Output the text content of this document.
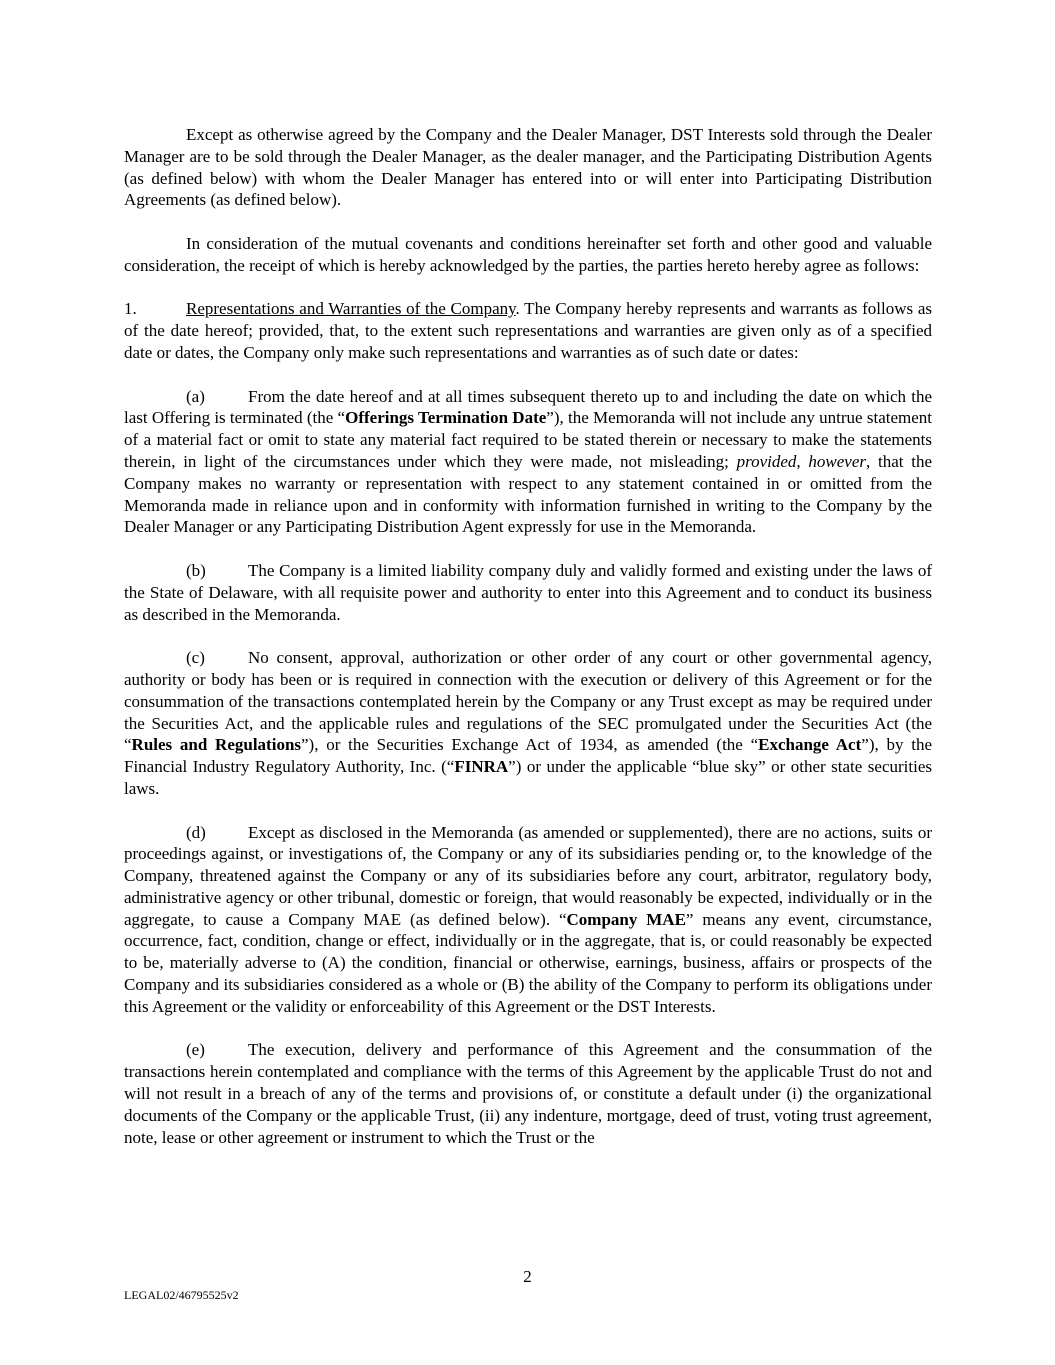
Except as otherwise agreed by the Company and the Dealer Manager, DST Interests sold through the Dealer Manager are to be sold through the Dealer Manager, as the dealer manager, and the Participating Distribution Agents (as defined below) with whom the Dealer Manager has entered into or will enter into Participating Distribution Agreements (as defined below).

In consideration of the mutual covenants and conditions hereinafter set forth and other good and valuable consideration, the receipt of which is hereby acknowledged by the parties, the parties hereto hereby agree as follows:

1.	Representations and Warranties of the Company. The Company hereby represents and warrants as follows as of the date hereof; provided, that, to the extent such representations and warranties are given only as of a specified date or dates, the Company only make such representations and warranties as of such date or dates:

(a)	From the date hereof and at all times subsequent thereto up to and including the date on which the last Offering is terminated (the “Offerings Termination Date”), the Memoranda will not include any untrue statement of a material fact or omit to state any material fact required to be stated therein or necessary to make the statements therein, in light of the circumstances under which they were made, not misleading; provided, however, that the Company makes no warranty or representation with respect to any statement contained in or omitted from the Memoranda made in reliance upon and in conformity with information furnished in writing to the Company by the Dealer Manager or any Participating Distribution Agent expressly for use in the Memoranda.

(b) The Company is a limited liability company duly and validly formed and existing under the laws of the State of Delaware, with all requisite power and authority to enter into this Agreement and to conduct its business as described in the Memoranda.

(c)	No consent, approval, authorization or other order of any court or other governmental agency, authority or body has been or is required in connection with the execution or delivery of this Agreement or for the consummation of the transactions contemplated herein by the Company or any Trust except as may be required under the Securities Act, and the applicable rules and regulations of the SEC promulgated under the Securities Act (the “Rules and Regulations”), or the Securities Exchange Act of 1934, as amended (the “Exchange Act”), by the Financial Industry Regulatory Authority, Inc. (“FINRA”) or under the applicable “blue sky” or other state securities laws.

(d) Except as disclosed in the Memoranda (as amended or supplemented), there are no actions, suits or proceedings against, or investigations of, the Company or any of its subsidiaries pending or, to the knowledge of the Company, threatened against the Company or any of its subsidiaries before any court, arbitrator, regulatory body, administrative agency or other tribunal, domestic or foreign, that would reasonably be expected, individually or in the aggregate, to cause a Company MAE (as defined below). “Company MAE” means any event, circumstance, occurrence, fact, condition, change or effect, individually or in the aggregate, that is, or could reasonably be expected to be, materially adverse to (A) the condition, financial or otherwise, earnings, business, affairs or prospects of the Company and its subsidiaries considered as a whole or (B) the ability of the Company to perform its obligations under this Agreement or the validity or enforceability of this Agreement or the DST Interests.

(e)	The execution, delivery and performance of this Agreement and the consummation of the transactions herein contemplated and compliance with the terms of this Agreement by the applicable Trust do not and will not result in a breach of any of the terms and provisions of, or constitute a default under (i) the organizational documents of the Company or the applicable Trust, (ii) any indenture, mortgage, deed of trust, voting trust agreement, note, lease or other agreement or instrument to which the Trust or the

2
LEGAL02/46795525v2
